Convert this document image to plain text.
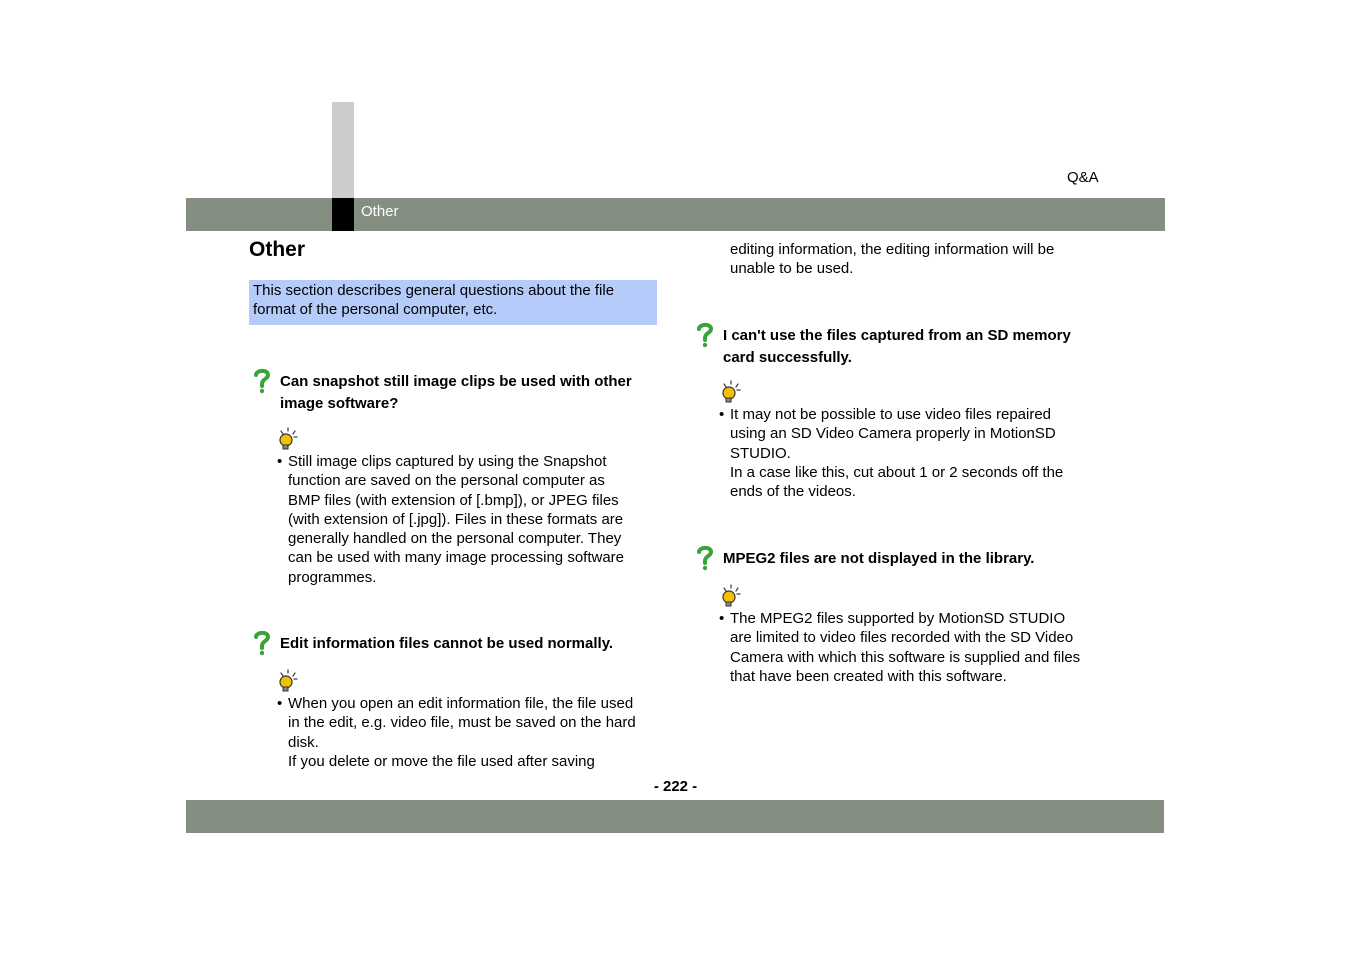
Other
Q&A
- 222 -
Other
This section describes general questions about the file format of the personal computer, etc.
Can snapshot still image clips be used with other
image software?
• Still image clips captured by using the Snapshot
function are saved on the personal computer as
BMP files (with extension of [.bmp]), or JPEG files
(with extension of [.jpg]). Files in these formats are
generally handled on the personal computer. They
can be used with many image processing software
programmes.
Edit information files cannot be used normally.
• When you open an edit information file, the file used
in the edit, e.g. video file, must be saved on the hard
disk.
If you delete or move the file used after saving
editing information, the editing information will be
unable to be used.
I can't use the files captured from an SD memory
card successfully.
• It may not be possible to use video files repaired
using an SD Video Camera properly in MotionSD
STUDIO.
In a case like this, cut about 1 or 2 seconds off the
ends of the videos.
MPEG2 files are not displayed in the library.
• The MPEG2 files supported by MotionSD STUDIO
are limited to video files recorded with the SD Video
Camera with which this software is supplied and files
that have been created with this software.
